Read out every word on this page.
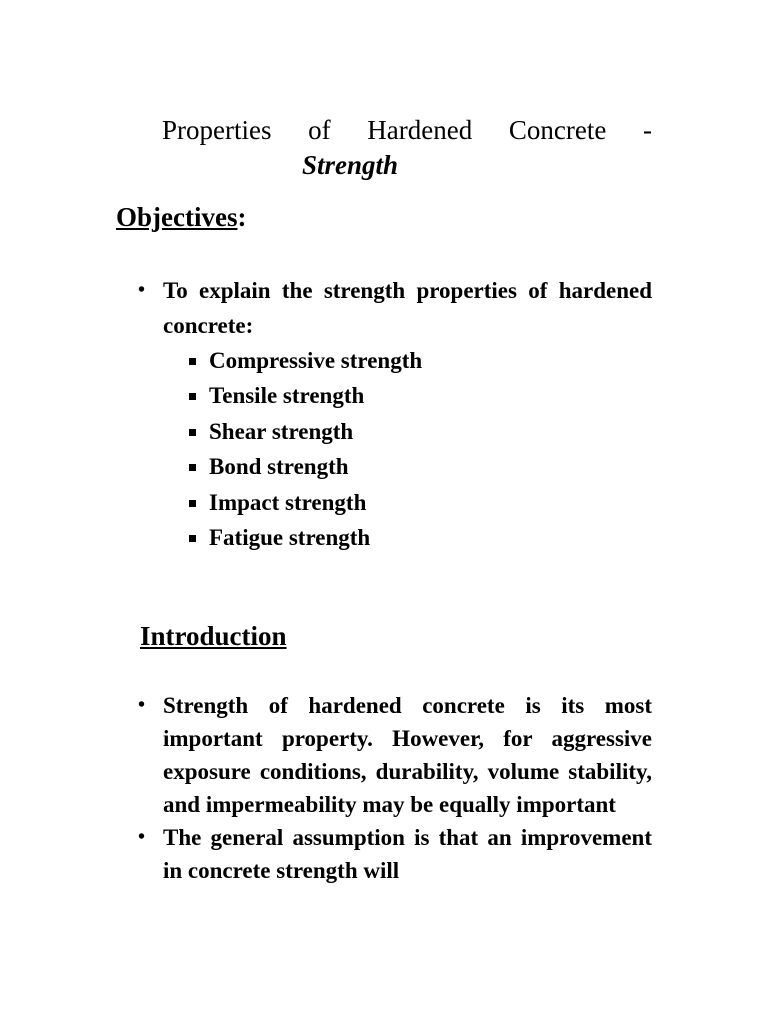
Properties of Hardened Concrete -
Strength
Objectives:
• To explain the strength properties of hardened concrete:
Compressive strength
Tensile strength
Shear strength
Bond strength
Impact strength
Fatigue strength
Introduction
• Strength of hardened concrete is its most important property. However, for aggressive exposure conditions, durability, volume stability, and impermeability may be equally important
• The general assumption is that an improvement in concrete strength will
